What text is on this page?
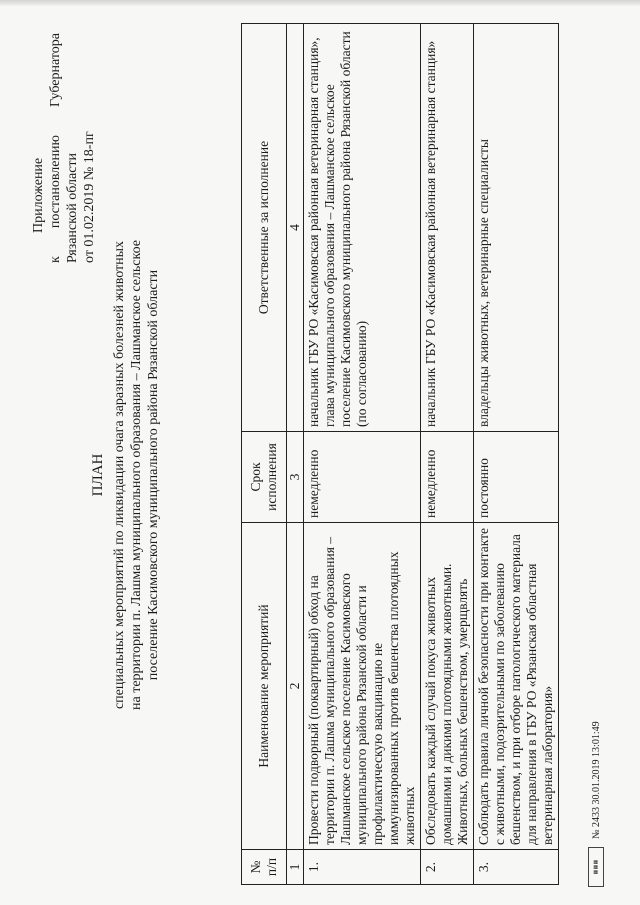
Приложение
к
постановлению
Губернатора
Рязанской области от 01.02.2019 № 18-пг
ПЛАН специальных мероприятий по ликвидации очага заразных болезней животных на территории п. Лашма муниципального образования – Лашманское сельское поселение Касимовского муниципального района Рязанской области
№ п/п	Наименование мероприятий	Срок исполнения	Ответственные за исполнение
1	2	3	4
1.	Провести подворный (поквартирный) обход на территории п. Лашма муниципального образования – Лашманское сельское поселение Касимовского муниципального района Рязанской области и профилактическую вакцинацию не иммунизированных против бешенства плотоядных животных	немедленно	начальник ГБУ РО «Касимовская районная ветеринарная станция», глава муниципального образования – Лашманское сельское поселение Касимовского муниципального района Рязанской области (по согласованию)
2.	Обследовать каждый случай покуса животных домашними и дикими плотоядными животными. Животных, больных бешенством, умерщвлять	немедленно	начальник ГБУ РО «Касимовская районная ветеринарная станция»
3.	Соблюдать правила личной безопасности при контакте с животными, подозрительными по заболеванию бешенством, и при отборе патологического материала для направления в ГБУ РО «Рязанская областная ветеринарная лаборатория»	постоянно	владельцы животных, ветеринарные специалисты
▦▦▦
№ 2433 30.01.2019 13:01:49
